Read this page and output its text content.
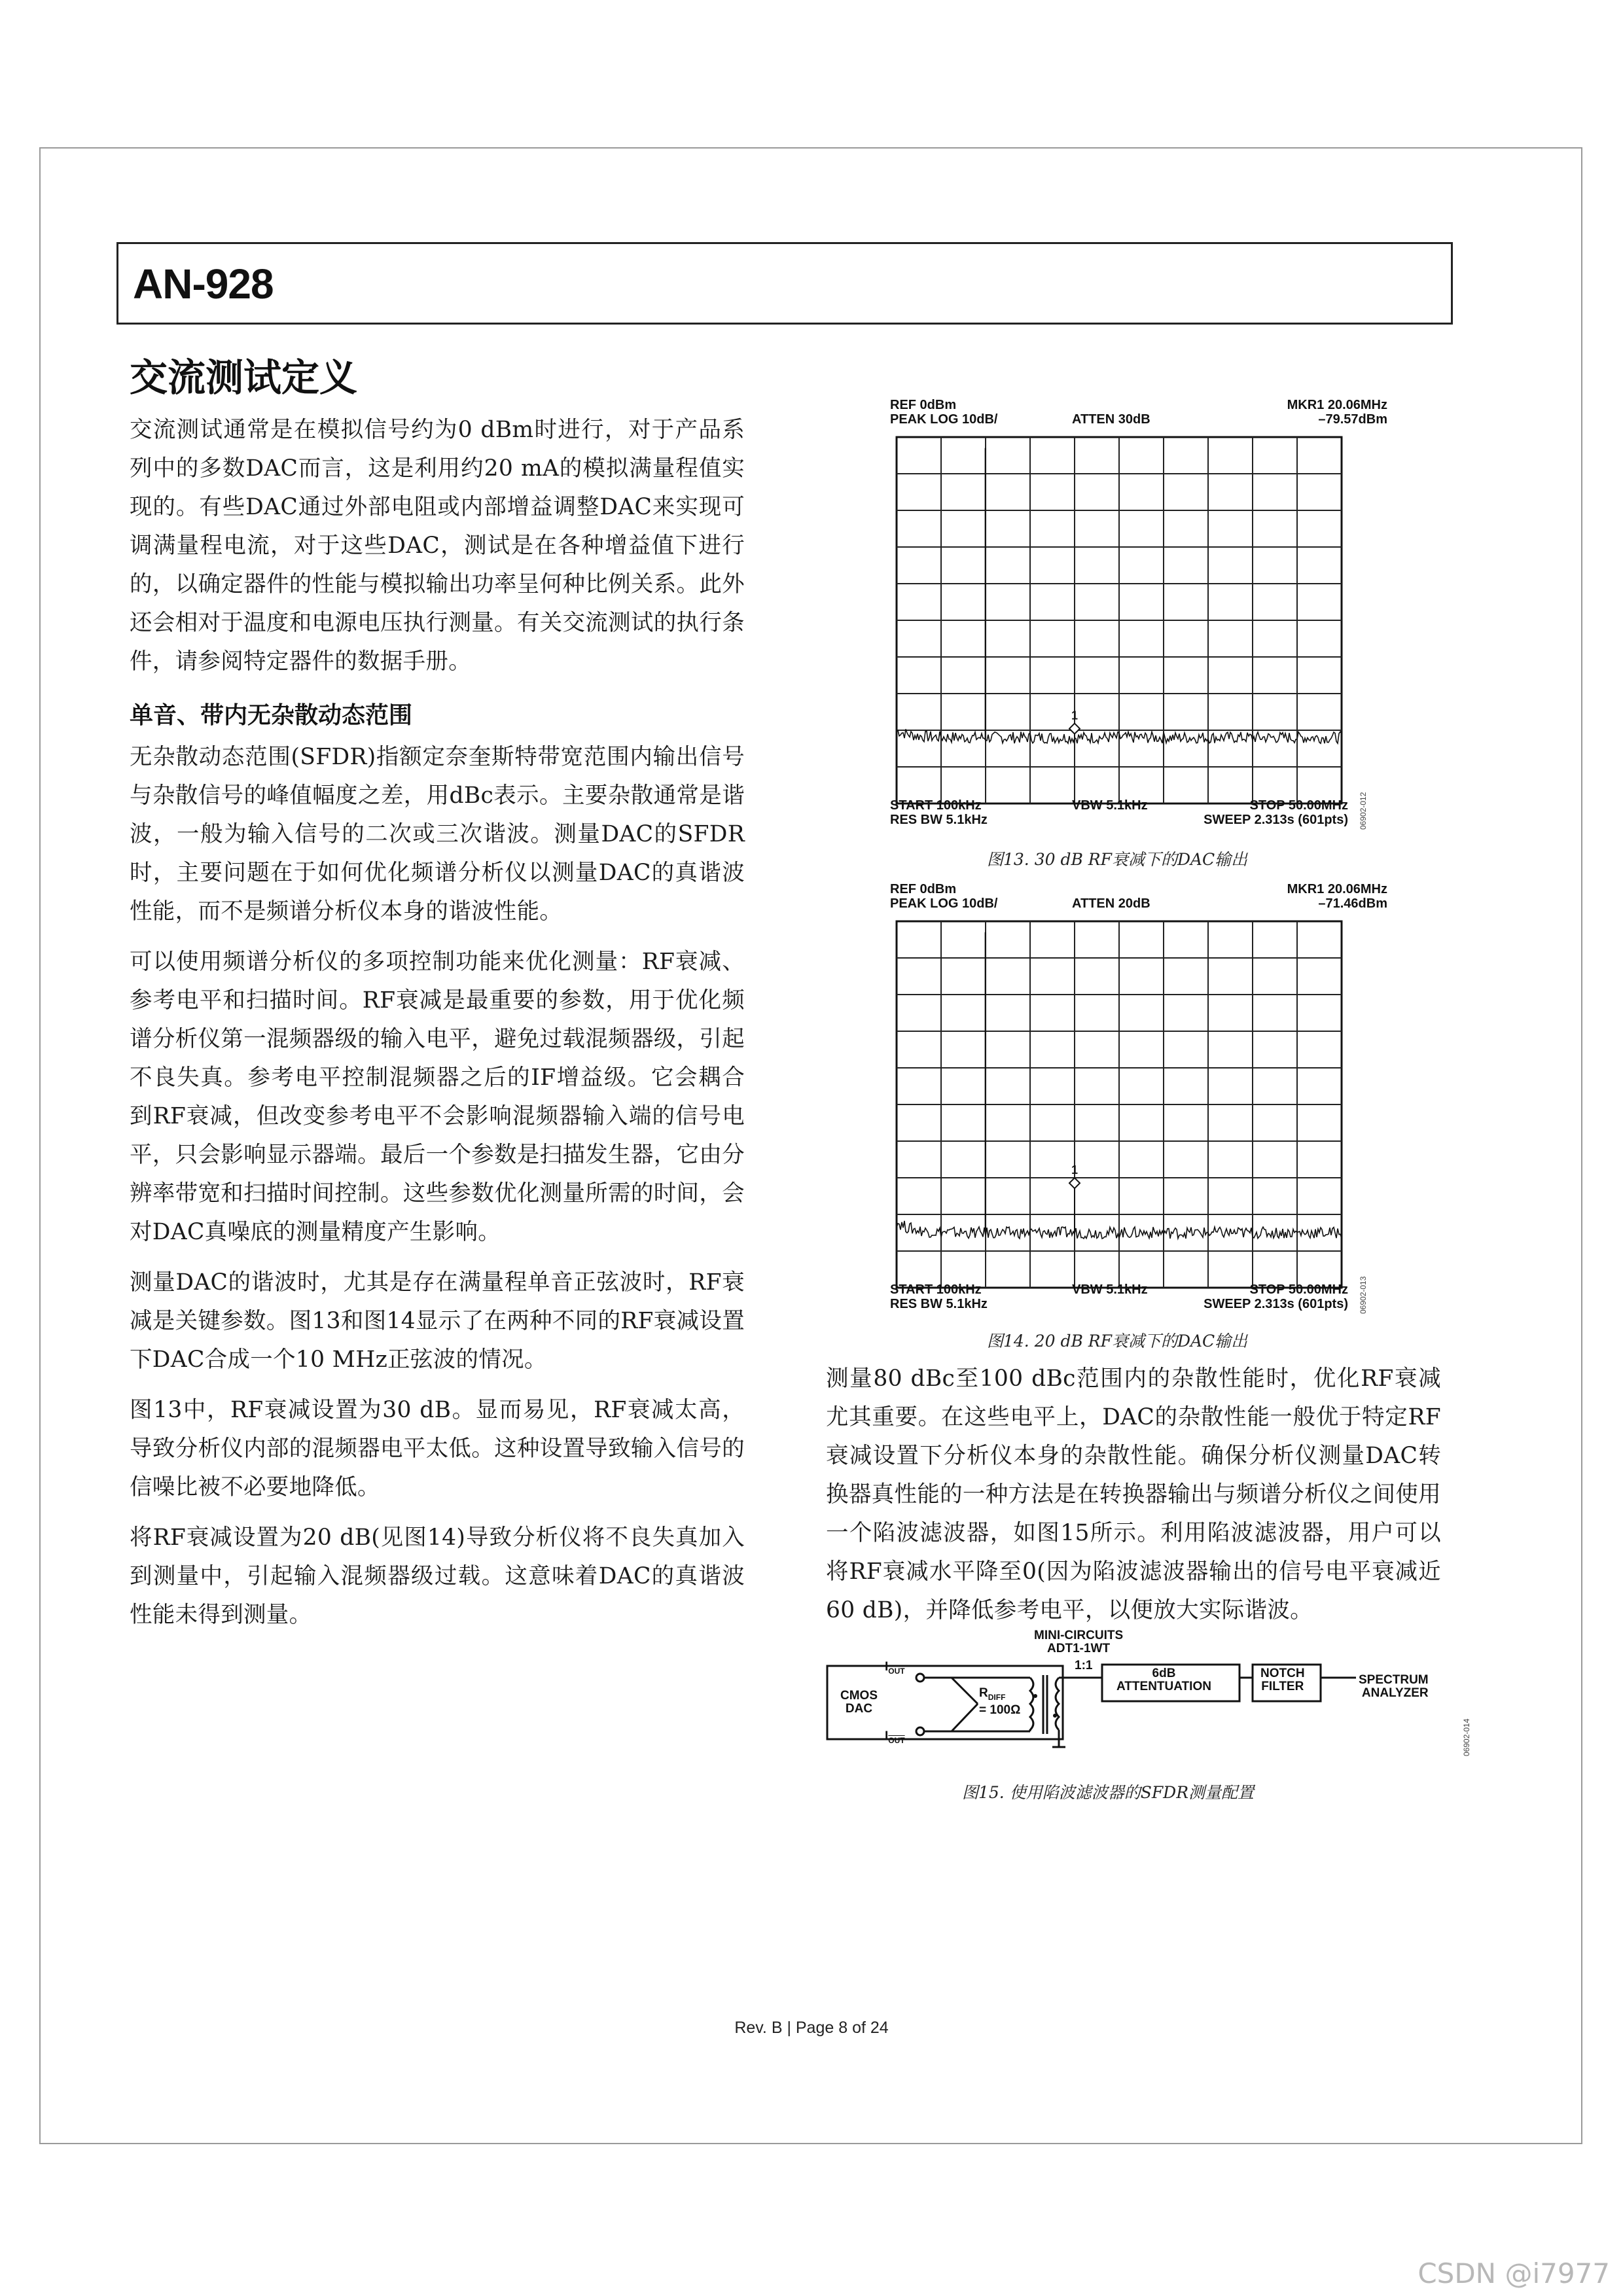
AN-928
交流测试定义

交流测试通常是在模拟信号约为0 dBm时进行，对于产品系列中的多数DAC而言，这是利用约20 mA的模拟满量程值实现的。有些DAC通过外部电阻或内部增益调整DAC来实现可调满量程电流，对于这些DAC，测试是在各种增益值下进行的，以确定器件的性能与模拟输出功率呈何种比例关系。此外还会相对于温度和电源电压执行测量。有关交流测试的执行条件，请参阅特定器件的数据手册。

单音、带内无杂散动态范围

无杂散动态范围(SFDR)指额定奈奎斯特带宽范围内输出信号与杂散信号的峰值幅度之差，用dBc表示。主要杂散通常是谐波，一般为输入信号的二次或三次谐波。测量DAC的SFDR时，主要问题在于如何优化频谱分析仪以测量DAC的真谐波性能，而不是频谱分析仪本身的谐波性能。

可以使用频谱分析仪的多项控制功能来优化测量：RF衰减、参考电平和扫描时间。RF衰减是最重要的参数，用于优化频谱分析仪第一混频器级的输入电平，避免过载混频器级，引起不良失真。参考电平控制混频器之后的IF增益级。它会耦合到RF衰减，但改变参考电平不会影响混频器输入端的信号电平，只会影响显示器端。最后一个参数是扫描发生器，它由分辨率带宽和扫描时间控制。这些参数优化测量所需的时间，会对DAC真噪底的测量精度产生影响。

测量DAC的谐波时，尤其是存在满量程单音正弦波时，RF衰减是关键参数。图13和图14显示了在两种不同的RF衰减设置下DAC合成一个10 MHz正弦波的情况。

图13中，RF衰减设置为30 dB。显而易见，RF衰减太高，导致分析仪内部的混频器电平太低。这种设置导致输入信号的信噪比被不必要地降低。

将RF衰减设置为20 dB(见图14)导致分析仪将不良失真加入到测量中，引起输入混频器级过载。这意味着DAC的真谐波性能未得到测量。

REF 0dBm
PEAK LOG 10dB/	ATTEN 30dB
MKR1 20.06MHz
–79.57dBm
1
START 100kHz
RES BW 5.1kHz
VBW 5.1kHz	STOP 50.00MHz
SWEEP 2.313s (601pts) 06902-012
图13. 30 dB RF衰减下的DAC输出
REF 0dBm
PEAK LOG 10dB/	ATTEN 20dB
MKR1 20.06MHz
–71.46dBm
1
START 100kHz
RES BW 5.1kHz
VBW 5.1kHz	STOP 50.00MHz
SWEEP 2.313s (601pts) 06902-013
图14. 20 dB RF衰减下的DAC输出

测量80 dBc至100 dBc范围内的杂散性能时，优化RF衰减尤其重要。在这些电平上，DAC的杂散性能一般优于特定RF衰减设置下分析仪本身的杂散性能。确保分析仪测量DAC转换器真性能的一种方法是在转换器输出与频谱分析仪之间使用一个陷波滤波器，如图15所示。利用陷波滤波器，用户可以将RF衰减水平降至0(因为陷波滤波器输出的信号电平衰减近60 dB)，并降低参考电平，以便放大实际谐波。

CMOS
DAC
$I_{OUT}$
$I_{\overline{OUT}}$
$R_{DIFF}$
= 100Ω
MINI-CIRCUITS
ADT1-1WT
1:1
6dB
ATTENTUATION
NOTCH
FILTER	SPECTRUM
ANALYZER
06902-014
图15. 使用陷波滤波器的SFDR测量配置
Rev. B | Page 8 of 24
CSDN @i7977
